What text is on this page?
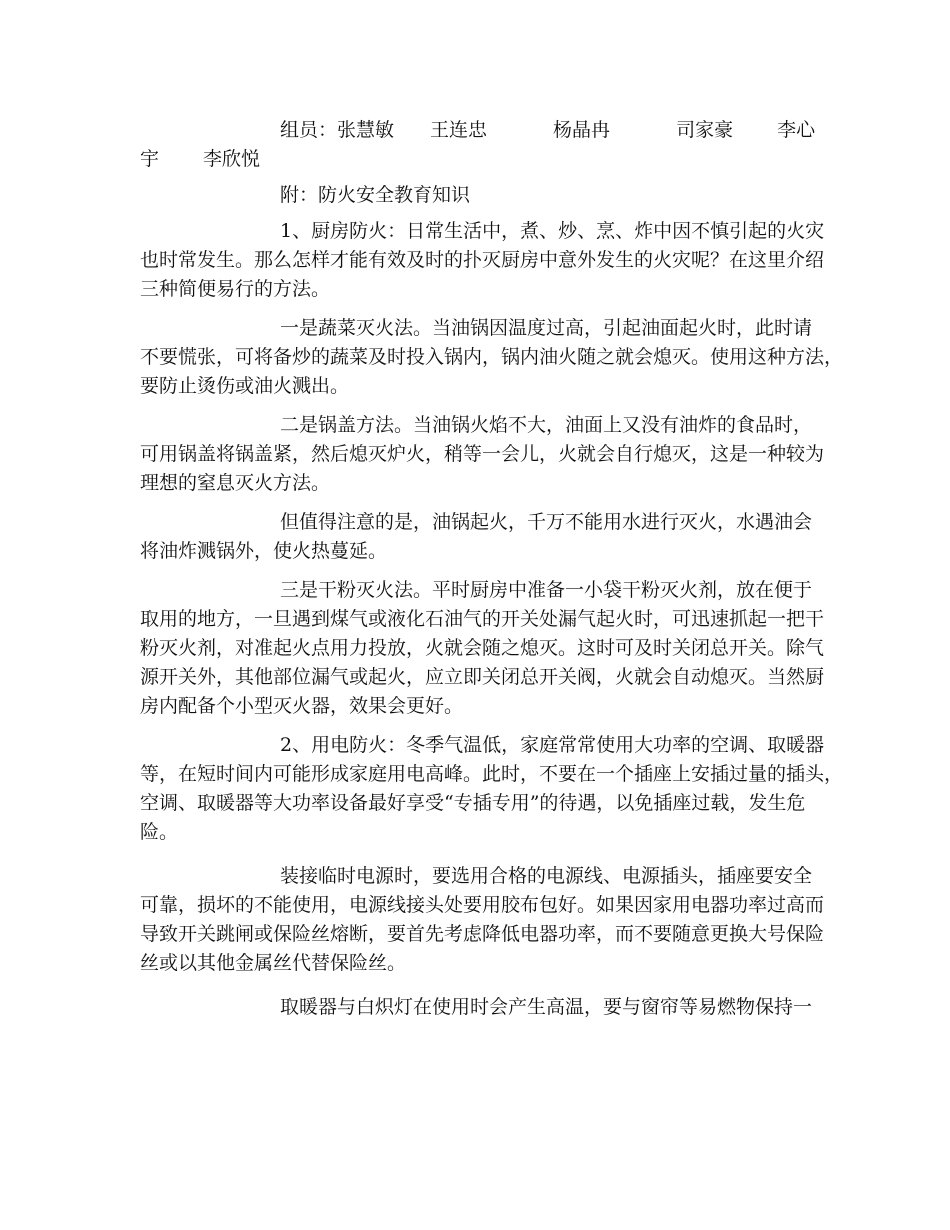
组员：张慧敏 王连忠	杨晶冉	司家豪 李心
宇 李欣悦
附：防火安全教育知识
1、厨房防火：日常生活中，煮、炒、烹、炸中因不慎引起的火灾
也时常发生。那么怎样才能有效及时的扑灭厨房中意外发生的火灾呢？在这里介绍
三种简便易行的方法。
一是蔬菜灭火法。当油锅因温度过高，引起油面起火时，此时请
不要慌张，可将备炒的蔬菜及时投入锅内，锅内油火随之就会熄灭。使用这种方法，
要防止烫伤或油火溅出。
二是锅盖方法。当油锅火焰不大，油面上又没有油炸的食品时，
可用锅盖将锅盖紧，然后熄灭炉火，稍等一会儿，火就会自行熄灭，这是一种较为
理想的窒息灭火方法。
但值得注意的是，油锅起火，千万不能用水进行灭火，水遇油会
将油炸溅锅外，使火热蔓延。
三是干粉灭火法。平时厨房中准备一小袋干粉灭火剂，放在便于
取用的地方，一旦遇到煤气或液化石油气的开关处漏气起火时，可迅速抓起一把干
粉灭火剂，对准起火点用力投放，火就会随之熄灭。这时可及时关闭总开关。除气
源开关外，其他部位漏气或起火，应立即关闭总开关阀，火就会自动熄灭。当然厨
房内配备个小型灭火器，效果会更好。
2、用电防火：冬季气温低，家庭常常使用大功率的空调、取暖器
等，在短时间内可能形成家庭用电高峰。此时，不要在一个插座上安插过量的插头，
空调、取暖器等大功率设备最好享受“专插专用”的待遇，以免插座过载，发生危
险。
装接临时电源时，要选用合格的电源线、电源插头，插座要安全
可靠，损坏的不能使用，电源线接头处要用胶布包好。如果因家用电器功率过高而
导致开关跳闸或保险丝熔断，要首先考虑降低电器功率，而不要随意更换大号保险
丝或以其他金属丝代替保险丝。
取暖器与白炽灯在使用时会产生高温，要与窗帘等易燃物保持一
